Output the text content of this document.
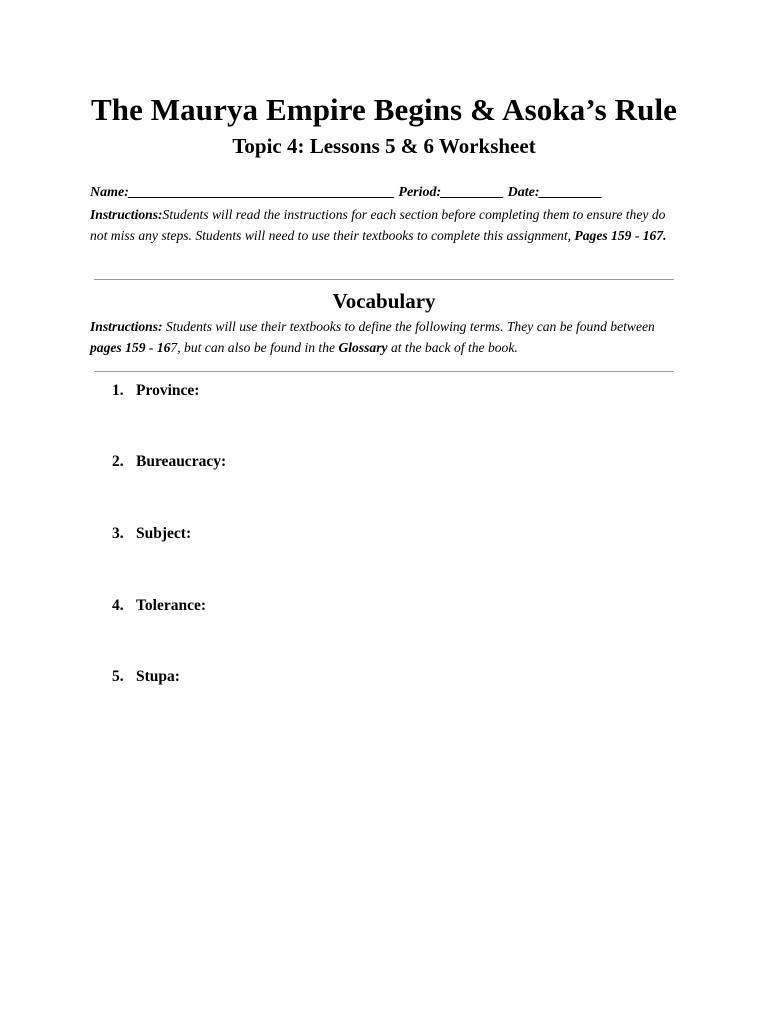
The Maurya Empire Begins & Asoka’s Rule
Topic 4: Lessons 5 & 6 Worksheet
Name:______________________________________ Period:_________ Date:_________
Instructions:Students will read the instructions for each section before completing them to ensure they do not miss any steps. Students will need to use their textbooks to complete this assignment, Pages 159 - 167.
Vocabulary
Instructions: Students will use their textbooks to define the following terms. They can be found between pages 159 - 167, but can also be found in the Glossary at the back of the book.
1. Province:
2. Bureaucracy:
3. Subject:
4. Tolerance:
5. Stupa:
